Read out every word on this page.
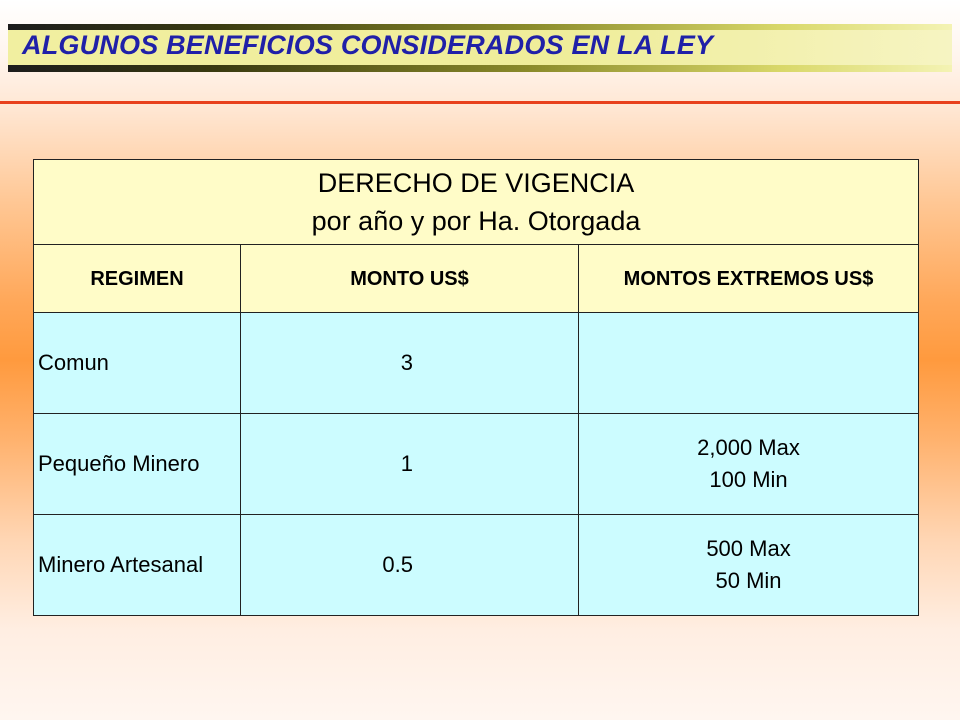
ALGUNOS BENEFICIOS CONSIDERADOS EN LA LEY
DERECHO DE VIGENCIA
por año y por Ha. Otorgada		

REGIMEN	MONTO US$	MONTOS EXTREMOS US$
Comun	3	

Pequeño Minero	1	2,000 Max
100 Min

Minero Artesanal	0.5	500 Max
50 Min
